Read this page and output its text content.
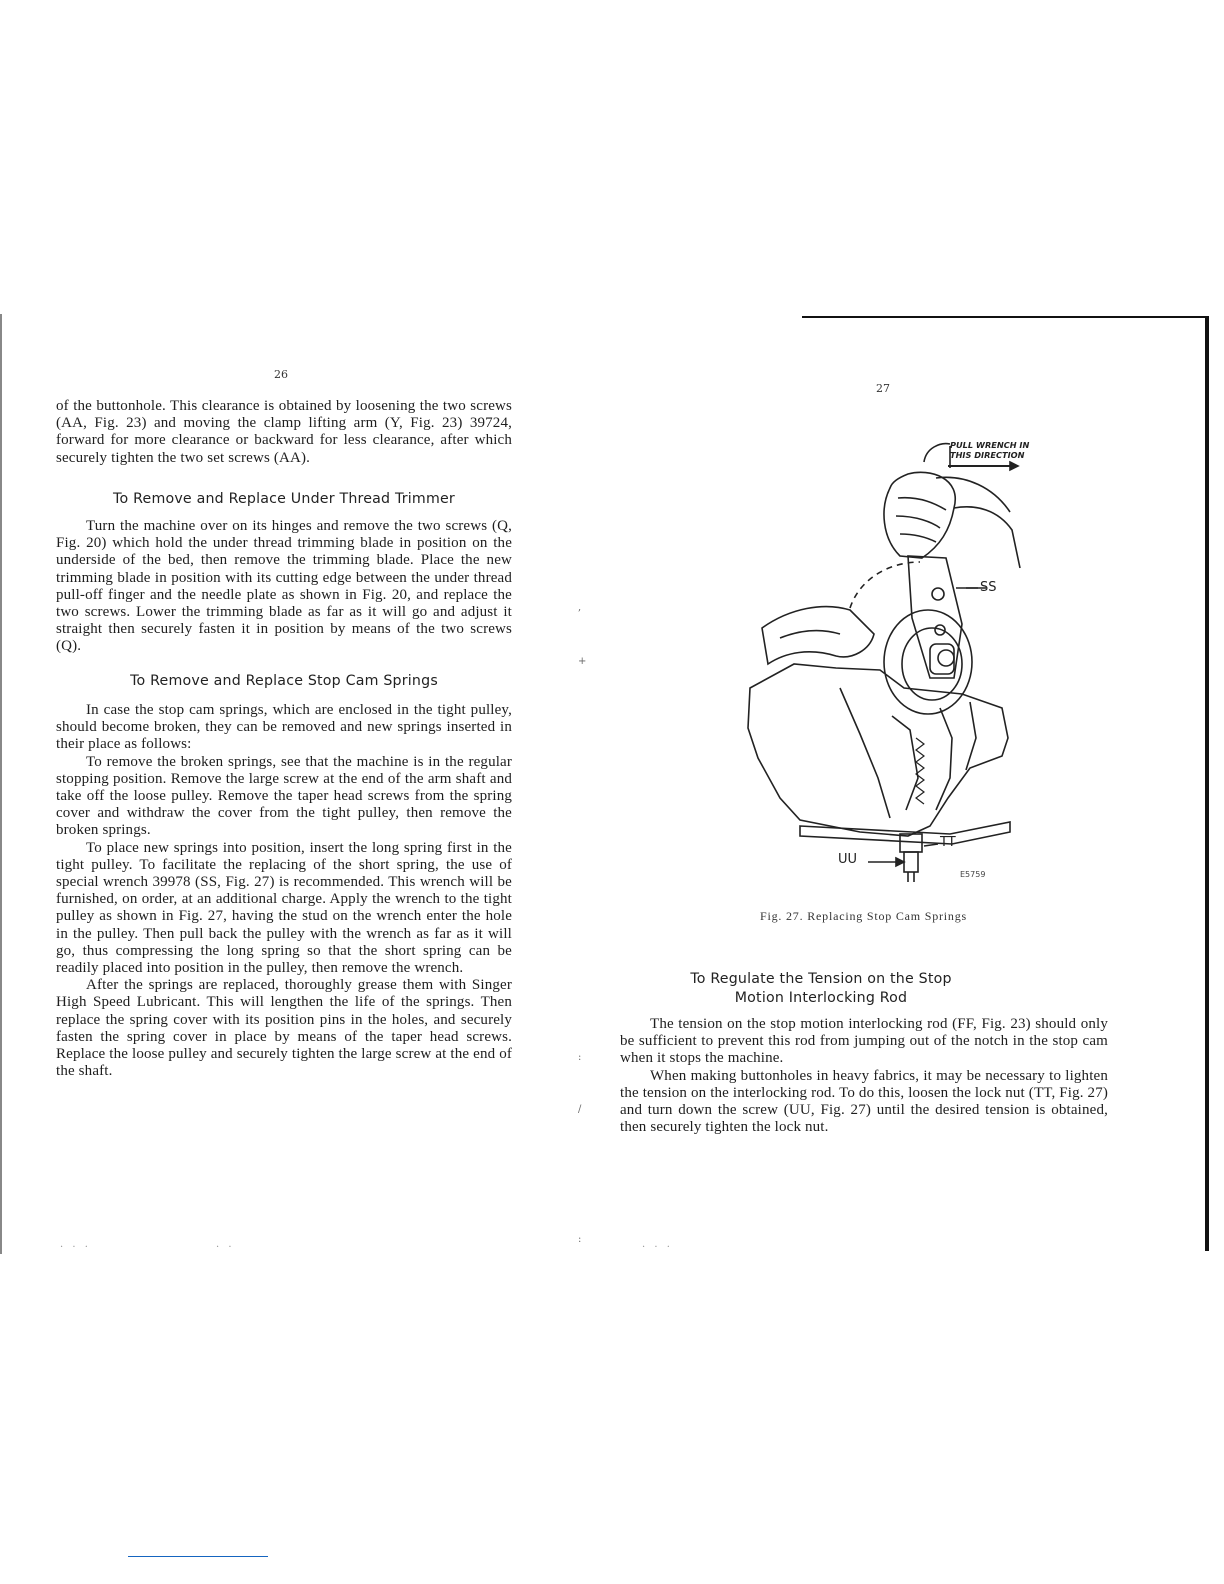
26

of the buttonhole. This clearance is obtained by loosening the two screws (AA, Fig. 23) and moving the clamp lifting arm (Y, Fig. 23) 39724, forward for more clearance or backward for less clearance, after which securely tighten the two set screws (AA).

To Remove and Replace Under Thread Trimmer

Turn the machine over on its hinges and remove the two screws (Q, Fig. 20) which hold the under thread trimming blade in position on the underside of the bed, then remove the trimming blade. Place the new trimming blade in position with its cutting edge between the under thread pull-off finger and the needle plate as shown in Fig. 20, and replace the two screws. Lower the trimming blade as far as it will go and adjust it straight then securely fasten it in position by means of the two screws (Q).

To Remove and Replace Stop Cam Springs

In case the stop cam springs, which are enclosed in the tight pulley, should become broken, they can be removed and new springs inserted in their place as follows:

To remove the broken springs, see that the machine is in the regular stopping position. Remove the large screw at the end of the arm shaft and take off the loose pulley. Remove the taper head screws from the spring cover and withdraw the cover from the tight pulley, then remove the broken springs.

To place new springs into position, insert the long spring first in the tight pulley. To facilitate the replacing of the short spring, the use of special wrench 39978 (SS, Fig. 27) is recommended. This wrench will be furnished, on order, at an additional charge. Apply the wrench to the tight pulley as shown in Fig. 27, having the stud on the wrench enter the hole in the pulley. Then pull back the pulley with the wrench as far as it will go, thus compressing the long spring so that the short spring can be readily placed into position in the pulley, then remove the wrench.

After the springs are replaced, thoroughly grease them with Singer High Speed Lubricant. This will lengthen the life of the springs. Then replace the spring cover with its position pins in the holes, and securely fasten the spring cover in place by means of the taper head screws. Replace the loose pulley and securely tighten the large screw at the end of the shaft.

27
PULL WRENCH IN
THIS DIRECTION
SS
TT
UU
E5759
Fig. 27. Replacing Stop Cam Springs
To Regulate the Tension on the Stop
Motion Interlocking Rod

The tension on the stop motion interlocking rod (FF, Fig. 23) should only be sufficient to prevent this rod from jumping out of the notch in the stop cam when it stops the machine.

When making buttonholes in heavy fabrics, it may be necessary to lighten the tension on the interlocking rod. To do this, loosen the lock nut (TT, Fig. 27) and turn down the screw (UU, Fig. 27) until the desired tension is obtained, then securely tighten the lock nut.

,
+
:
/
:
· · ·	· ·	· · ·
